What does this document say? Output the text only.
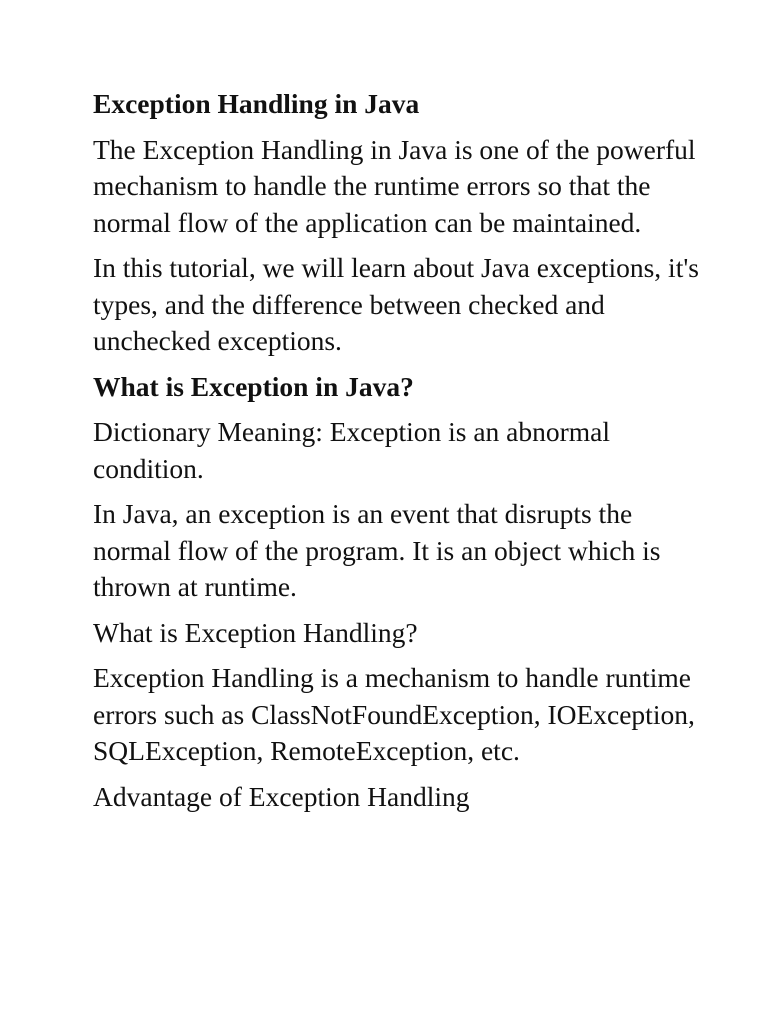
Exception Handling in Java
The Exception Handling in Java is one of the powerful mechanism to handle the runtime errors so that the normal flow of the application can be maintained.
In this tutorial, we will learn about Java exceptions, it's types, and the difference between checked and unchecked exceptions.
What is Exception in Java?
Dictionary Meaning: Exception is an abnormal condition.
In Java, an exception is an event that disrupts the normal flow of the program. It is an object which is thrown at runtime.
What is Exception Handling?
Exception Handling is a mechanism to handle runtime errors such as ClassNotFoundException, IOException, SQLException, RemoteException, etc.
Advantage of Exception Handling
